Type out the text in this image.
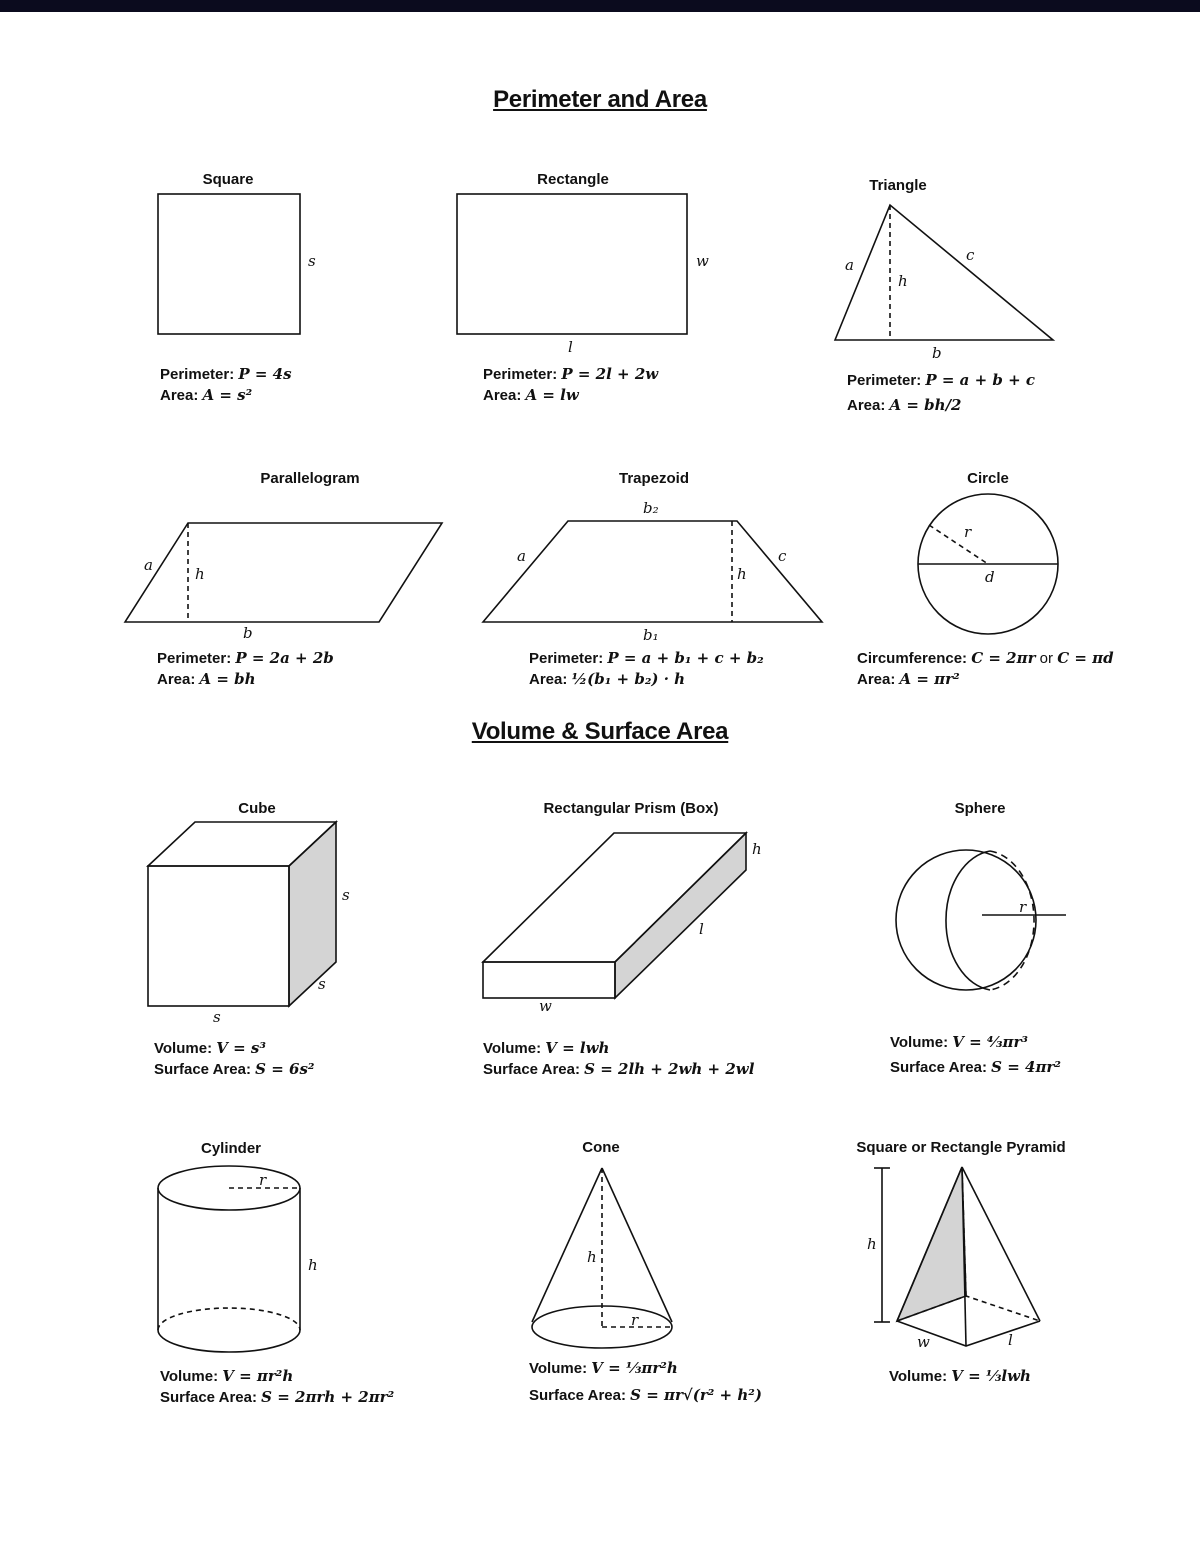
Perimeter and Area
Volume & Surface Area
Square	Rectangle	Triangle
Parallelogram	Trapezoid	Circle
Cube	Rectangular Prism (Box)	Sphere
Cylinder	Cone	Square or Rectangle Pyramid
s	w
l
a
c
h
b
a	h
b
b₂
a	c
h
b₁
r
d
s
s
s
h
l
w
r
r
h	h
r
h
w	l
Perimeter: P = 4s
Area: A = s²
Perimeter: P = 2l + 2w
Area: A = lw
Perimeter: P = a + b + c
Area: A = bh/2
Perimeter: P = 2a + 2b
Area: A = bh
Perimeter: P = a + b₁ + c + b₂
Area: ½(b₁ + b₂) · h
Circumference: C = 2πr or C = πd
Area: A = πr²
Volume: V = s³
Surface Area: S = 6s²
Volume: V = lwh
Surface Area: S = 2lh + 2wh + 2wl
Volume: V = ⁴⁄₃πr³
Surface Area: S = 4πr²
Volume: V = πr²h
Surface Area: S = 2πrh + 2πr²
Volume: V = ⅓πr²h
Surface Area: S = πr√(r² + h²)
Volume: V = ⅓lwh
